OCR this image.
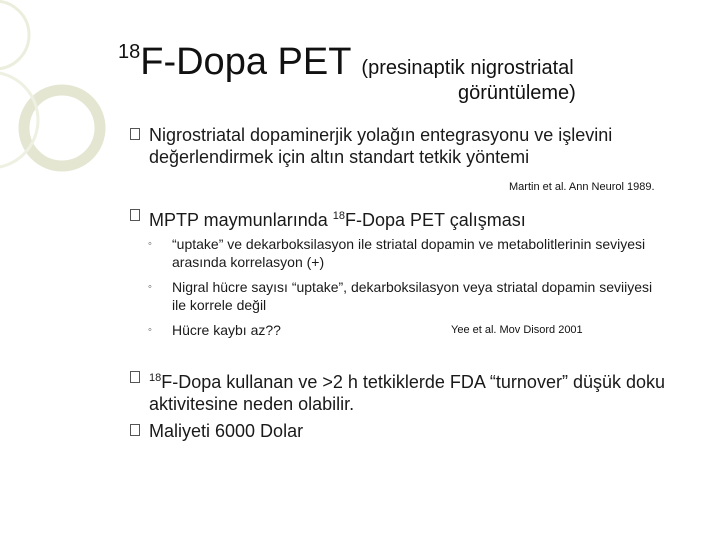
$^{18}$F-Dopa PET (presinaptik nigrostriatal
görüntüleme)
Nigrostriatal dopaminerjik yolağın entegrasyonu ve işlevini değerlendirmek için altın standart tetkik yöntemi
Martin et al. Ann Neurol 1989.
MPTP maymunlarında $^{18}$F-Dopa PET çalışması
◦ “uptake” ve dekarboksilasyon ile striatal dopamin ve metabolitlerinin seviyesi arasında korrelasyon (+)
◦ Nigral hücre sayısı “uptake”, dekarboksilasyon veya striatal dopamin seviiyesi ile korrele değil
◦ Hücre kaybı az??	Yee et al. Mov Disord 2001
$^{18}$F-Dopa kullanan ve >2 h tetkiklerde FDA “turnover” düşük doku aktivitesine neden olabilir.
Maliyeti 6000 Dolar
